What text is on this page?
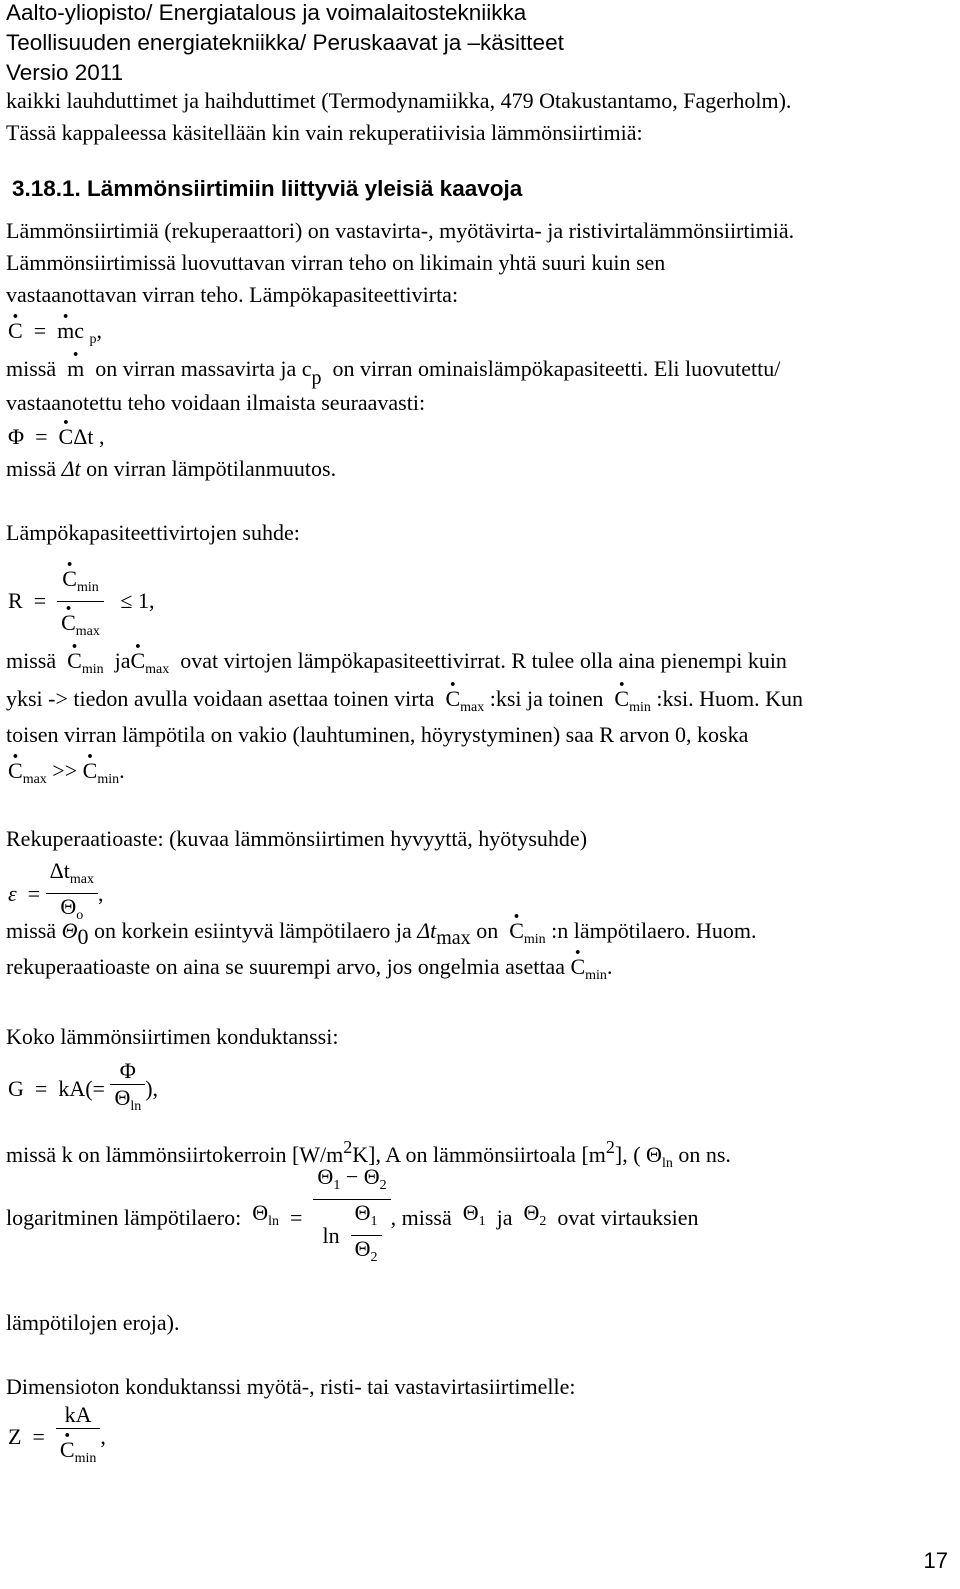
Aalto-yliopisto/ Energiatalous ja voimalaitostekniikka
Teollisuuden energiatekniikka/ Peruskaavat ja –käsitteet
Versio 2011
kaikki lauhduttimet ja haihduttimet (Termodynamiikka, 479 Otakustantamo, Fagerholm).
Tässä kappaleessa käsitellään kin vain rekuperatiivisia lämmönsiirtimiä:
3.18.1. Lämmönsiirtimiin liittyviä yleisiä kaavoja
Lämmönsiirtimiä (rekuperaattori) on vastavirta-, myötävirta- ja ristivirtalämmönsiirtimiä.
Lämmönsiirtimissä luovuttavan virran teho on likimain yhtä suuri kuin sen
vastaanottavan virran teho. Lämpökapasiteettivirta:
· C = · mc $_p$,
missä · m on virran massavirta ja cp on virran ominaislämpökapasiteetti. Eli luovutettu/
vastaanotettu teho voidaan ilmaista seuraavasti:
Φ = · CΔt ,
missä Δt on virran lämpötilanmuutos.
Lämpökapasiteettivirtojen suhde:
R = · $C_{min}$
· $C_{max} \le 1$,
missä · $C_{min}$ $ja\cdot C_{max}$ ovat virtojen lämpökapasiteettivirrat. R tulee olla aina pienempi kuin
yksi -> tiedon avulla voidaan asettaa toinen virta · $C_{max}$ :ksi ja toinen · $C_{min}$ :ksi. Huom. Kun
toisen virran lämpötila on vakio (lauhtuminen, höyrystyminen) saa R arvon 0, koska
· $C_{max}$ >> · $C_{min}$.
Rekuperaatioaste: (kuvaa lämmönsiirtimen hyvyyttä, hyötysuhde)
$\varepsilon = \frac{\Delta t_{max}}{\Theta_o}$ ,
missä Θ0 on korkein esiintyvä lämpötilaero ja Δtmax on · $C_{min}$ :n lämpötilaero. Huom.
rekuperaatioaste on aina se suurempi arvo, jos ongelmia asettaa · $C_{min}$.
Koko lämmönsiirtimen konduktanssi:
$G = kA(= \frac{\Phi}{\Theta_{ln}}$ ),
missä k on lämmönsiirtokerroin $[W/m^2K]$, A on lämmönsiirtoala $[m^2]$, ( $\Theta_{ln}$ on ns.
logaritminen lämpötilaero: $\Theta_{ln} = \frac{\Theta_1 - \Theta_2}{\ln \frac{\Theta_1}{\Theta_2}}$ , missä $\Theta_1$ ja $\Theta_2$ ovat virtauksien
lämpötilojen eroja).
Dimensioton konduktanssi myötä-, risti- tai vastavirtasiirtimelle:
Z = kA
· $C_{min}$ ,
17
